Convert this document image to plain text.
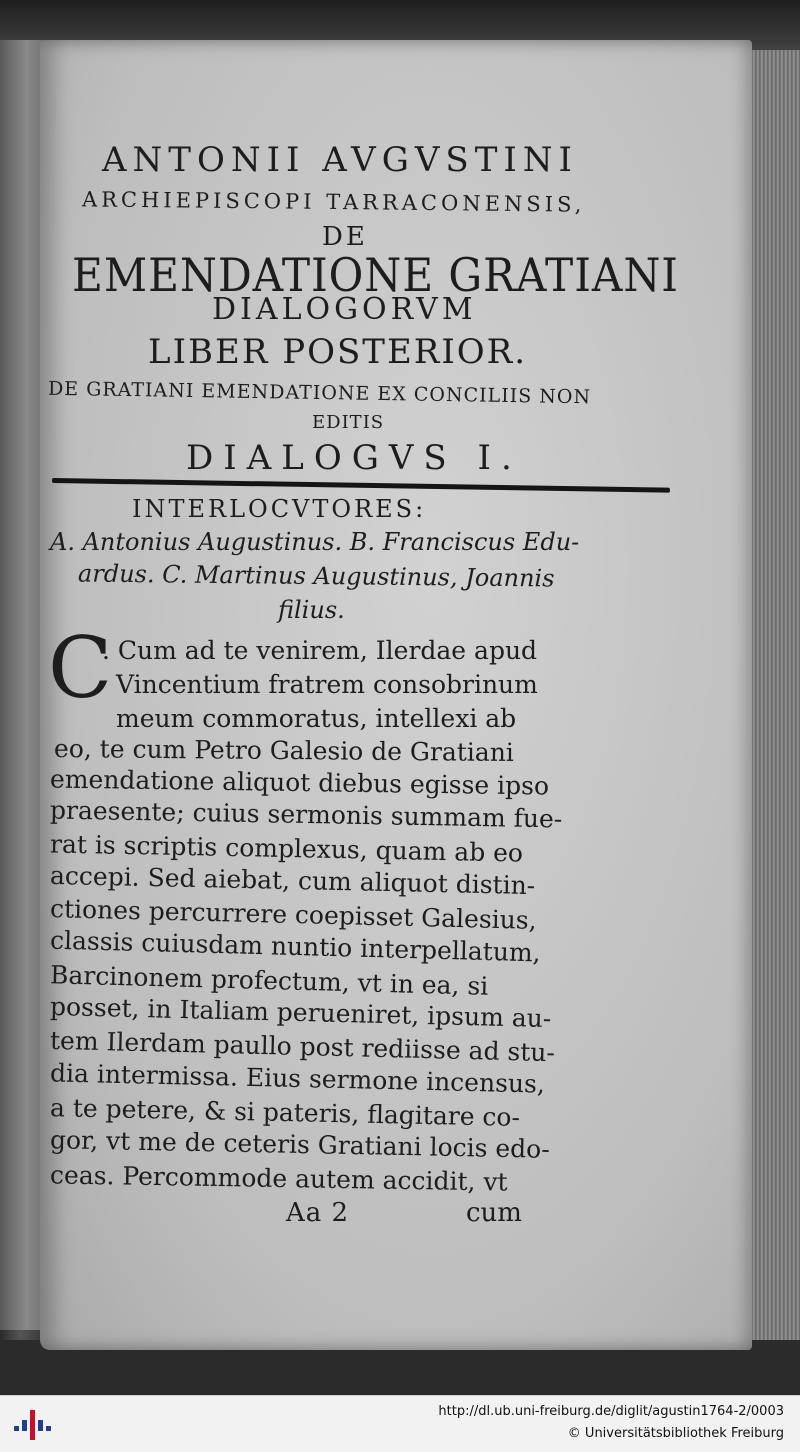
ANTONII AVGVSTINI
ARCHIEPISCOPI TARRACONENSIS,
DE
EMENDATIONE GRATIANI
DIALOGORVM
LIBER POSTERIOR.
DE GRATIANI EMENDATIONE EX CONCILIIS NON
EDITIS
DIALOGVS I.
INTERLOCVTORES:
A. Antonius Augustinus. B. Franciscus Edu-
ardus. C. Martinus Augustinus, Joannis
filius.
C
. Cum ad te venirem, Ilerdae apud
Vincentium fratrem consobrinum
meum commoratus, intellexi ab
eo, te cum Petro Galesio de Gratiani
emendatione aliquot diebus egisse ipso
praesente; cuius sermonis summam fue-
rat is scriptis complexus, quam ab eo
accepi. Sed aiebat, cum aliquot distin-
ctiones percurrere coepisset Galesius,
classis cuiusdam nuntio interpellatum,
Barcinonem profectum, vt in ea, si
posset, in Italiam perueniret, ipsum au-
tem Ilerdam paullo post rediisse ad stu-
dia intermissa. Eius sermone incensus,
a te petere, & si pateris, flagitare co-
gor, vt me de ceteris Gratiani locis edo-
ceas. Percommode autem accidit, vt
Aa 2	cum
http://dl.ub.uni-freiburg.de/diglit/agustin1764-2/0003
© Universitätsbibliothek Freiburg
